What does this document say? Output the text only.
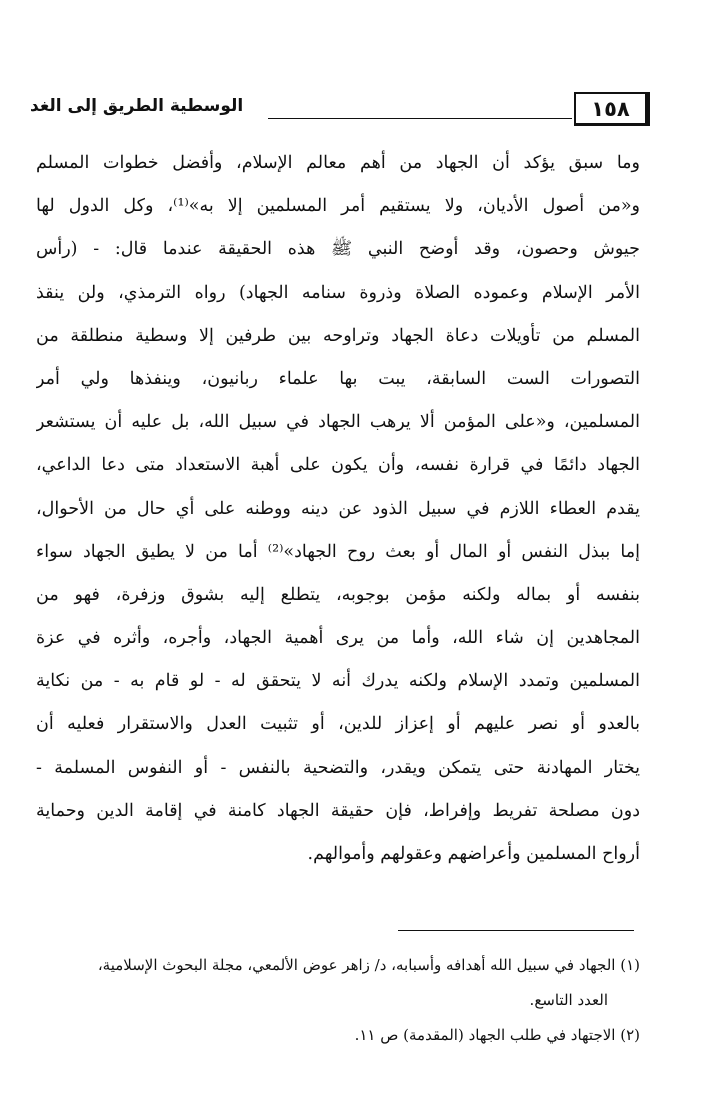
الوسطية الطريق إلى الغد	١٥٨
وما سبق يؤكد أن الجهاد من أهم معالم الإسلام، وأفضل خطوات المسلم
و«من أصول الأديان، ولا يستقيم أمر المسلمين إلا به»⁽¹⁾، وكل الدول لها
جيوش وحصون، وقد أوضح النبي ﷺ هذه الحقيقة عندما قال: - (رأس
الأمر الإسلام وعموده الصلاة وذروة سنامه الجهاد) رواه الترمذي، ولن ينقذ
المسلم من تأويلات دعاة الجهاد وتراوحه بين طرفين إلا وسطية منطلقة من
التصورات الست السابقة، يبت بها علماء ربانيون، وينفذها ولي أمر
المسلمين، و«على المؤمن ألا يرهب الجهاد في سبيل الله، بل عليه أن يستشعر
الجهاد دائمًا في قرارة نفسه، وأن يكون على أهبة الاستعداد متى دعا الداعي،
يقدم العطاء اللازم في سبيل الذود عن دينه ووطنه على أي حال من الأحوال،
إما ببذل النفس أو المال أو بعث روح الجهاد»⁽²⁾ أما من لا يطيق الجهاد سواء
بنفسه أو بماله ولكنه مؤمن بوجوبه، يتطلع إليه بشوق وزفرة، فهو من
المجاهدين إن شاء الله، وأما من يرى أهمية الجهاد، وأجره، وأثره في عزة
المسلمين وتمدد الإسلام ولكنه يدرك أنه لا يتحقق له - لو قام به - من نكاية
بالعدو أو نصر عليهم أو إعزاز للدين، أو تثبيت العدل والاستقرار فعليه أن
يختار المهادنة حتى يتمكن ويقدر، والتضحية بالنفس - أو النفوس المسلمة -
دون مصلحة تفريط وإفراط، فإن حقيقة الجهاد كامنة في إقامة الدين وحماية
أرواح المسلمين وأعراضهم وعقولهم وأموالهم.
(١) الجهاد في سبيل الله أهدافه وأسبابه، د/ زاهر عوض الألمعي، مجلة البحوث الإسلامية،
العدد التاسع.
(٢) الاجتهاد في طلب الجهاد (المقدمة) ص ١١.
